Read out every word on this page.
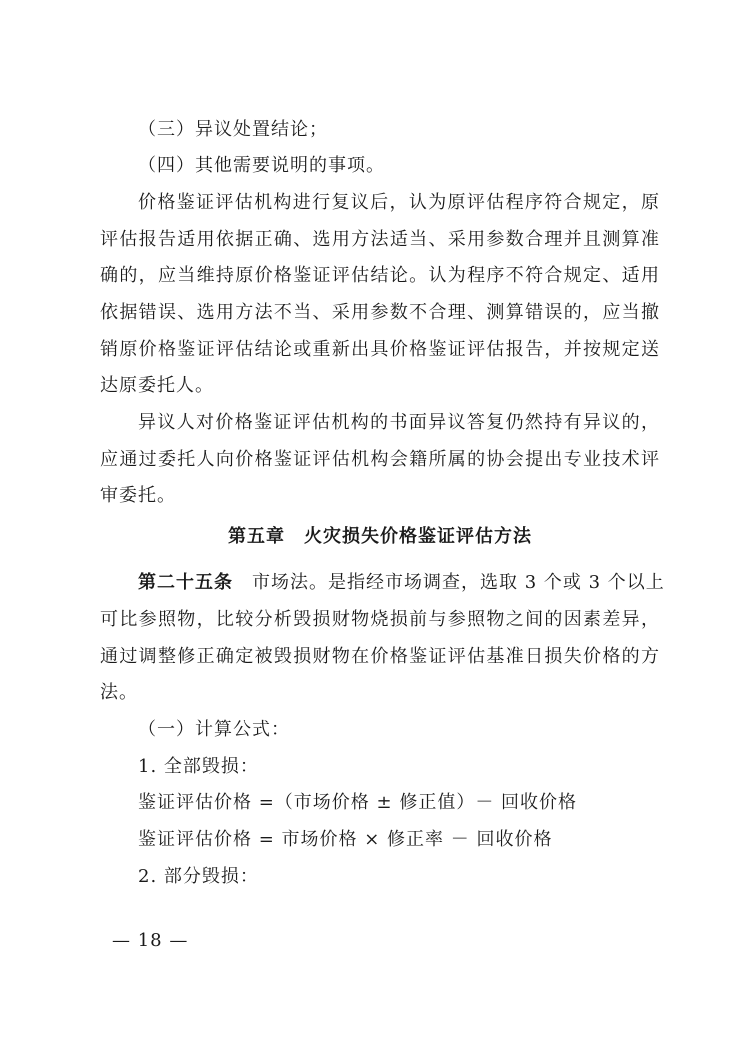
（三）异议处置结论；
（四）其他需要说明的事项。
价格鉴证评估机构进行复议后，认为原评估程序符合规定，原
评估报告适用依据正确、选用方法适当、采用参数合理并且测算准
确的，应当维持原价格鉴证评估结论。认为程序不符合规定、适用
依据错误、选用方法不当、采用参数不合理、测算错误的，应当撤
销原价格鉴证评估结论或重新出具价格鉴证评估报告，并按规定送
达原委托人。
异议人对价格鉴证评估机构的书面异议答复仍然持有异议的，
应通过委托人向价格鉴证评估机构会籍所属的协会提出专业技术评
审委托。
第五章　火灾损失价格鉴证评估方法
第二十五条　市场法。是指经市场调查，选取 3 个或 3 个以上
可比参照物，比较分析毁损财物烧损前与参照物之间的因素差异，
通过调整修正确定被毁损财物在价格鉴证评估基准日损失价格的方
法。
（一）计算公式：
1. 全部毁损：
鉴证评估价格 =（市场价格 ± 修正值）－ 回收价格
鉴证评估价格 = 市场价格 × 修正率 － 回收价格
2. 部分毁损：
— 18 —
